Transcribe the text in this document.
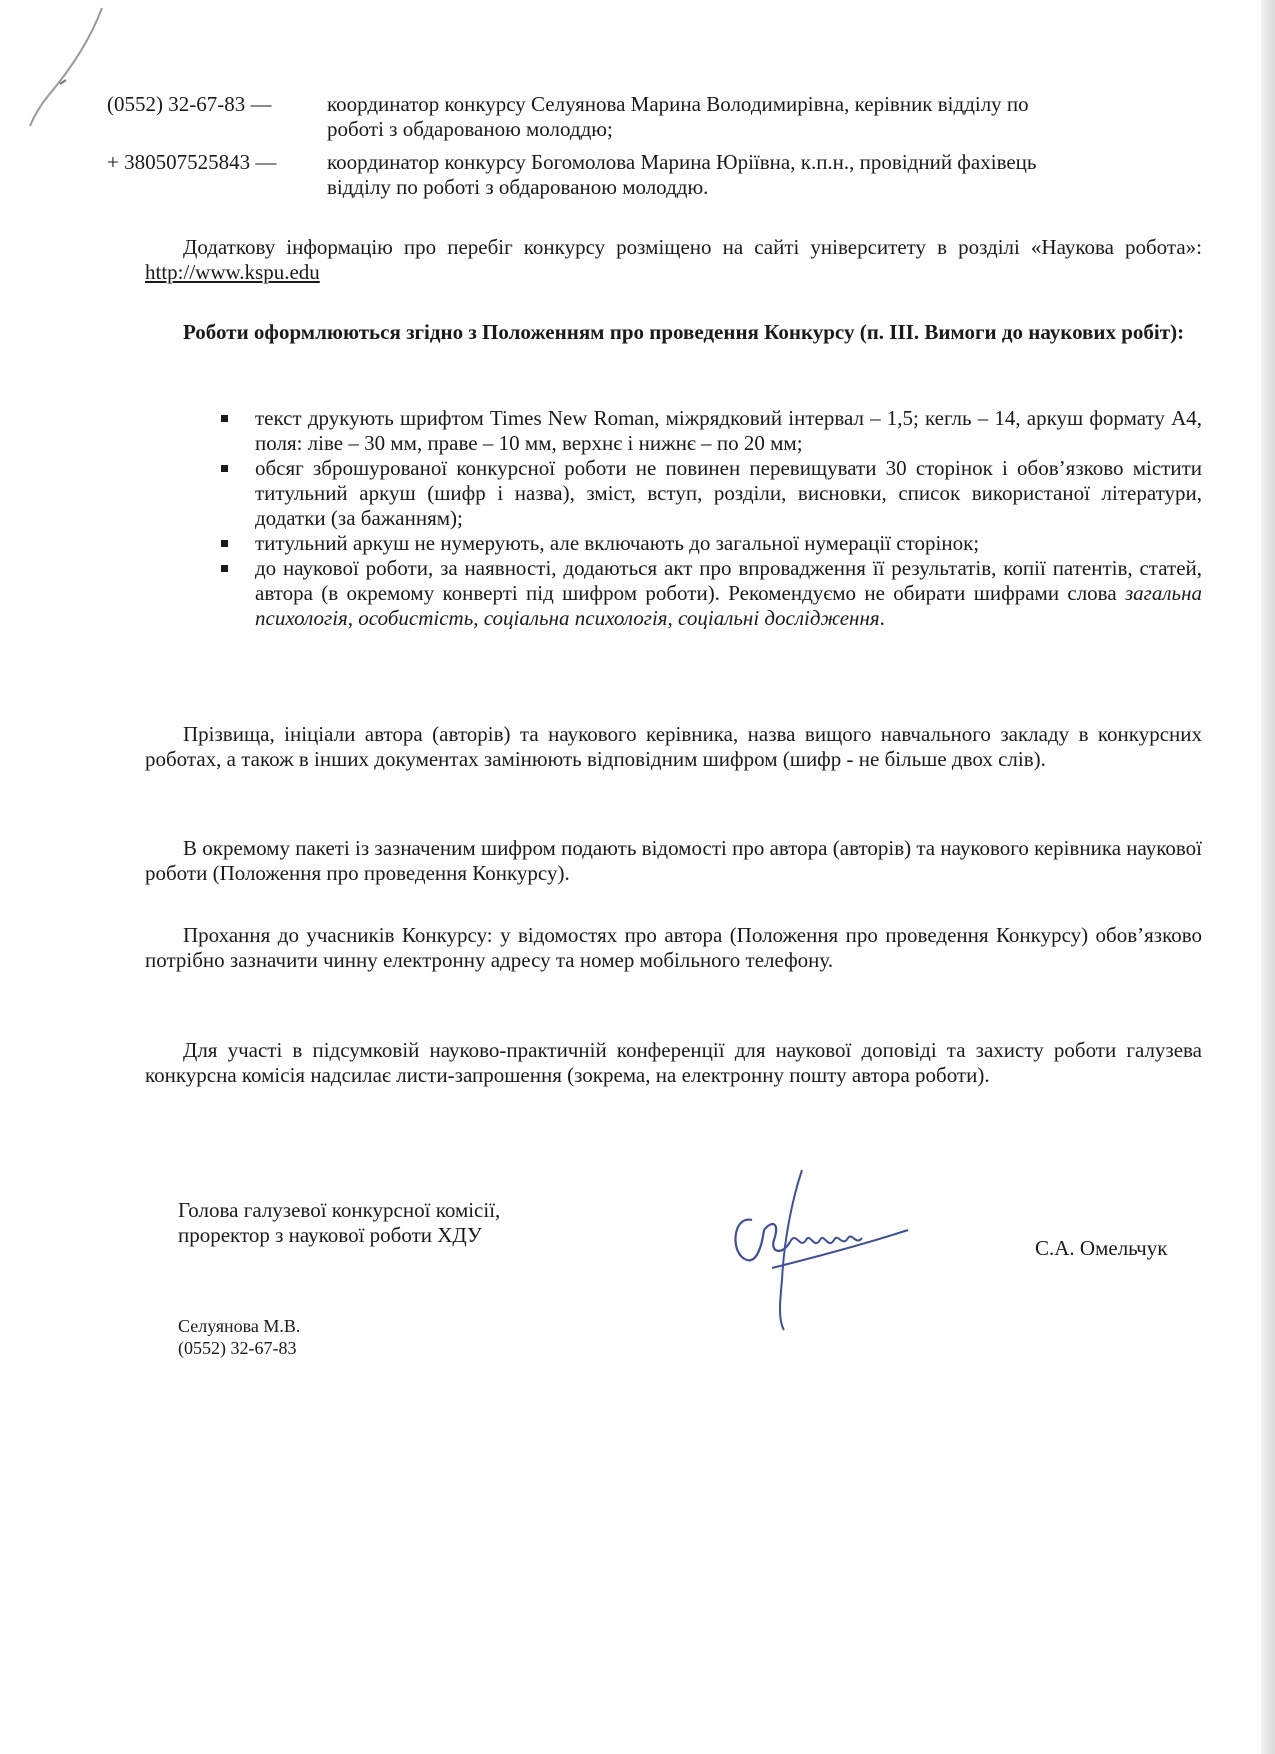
(0552) 32-67-83 —	координатор конкурсу Селуянова Марина Володимирівна, керівник відділу по
роботі з обдарованою молоддю;
+ 380507525843 — координатор конкурсу Богомолова Марина Юріївна, к.п.н., провідний фахівець
відділу по роботі з обдарованою молоддю.
Додаткову інформацію про перебіг конкурсу розміщено на сайті університету в розділі «Наукова робота»: http://www.kspu.edu
Роботи оформлюються згідно з Положенням про проведення Конкурсу (п. III. Вимоги до наукових робіт):
текст друкують шрифтом Times New Roman, міжрядковий інтервал – 1,5; кегль – 14, аркуш формату А4, поля: ліве – 30 мм, праве – 10 мм, верхнє і нижнє – по 20 мм;
обсяг зброшурованої конкурсної роботи не повинен перевищувати 30 сторінок і обов’язково містити титульний аркуш (шифр і назва), зміст, вступ, розділи, висновки, список використаної літератури, додатки (за бажанням);
титульний аркуш не нумерують, але включають до загальної нумерації сторінок;
до наукової роботи, за наявності, додаються акт про впровадження її результатів, копії патентів, статей, автора (в окремому конверті під шифром роботи). Рекомендуємо не обирати шифрами слова загальна психологія, особистість, соціальна психологія, соціальні дослідження.
Прізвища, ініціали автора (авторів) та наукового керівника, назва вищого навчального закладу в конкурсних роботах, а також в інших документах замінюють відповідним шифром (шифр - не більше двох слів).
В окремому пакеті із зазначеним шифром подають відомості про автора (авторів) та наукового керівника наукової роботи (Положення про проведення Конкурсу).
Прохання до учасників Конкурсу: у відомостях про автора (Положення про проведення Конкурсу) обов’язково потрібно зазначити чинну електронну адресу та номер мобільного телефону.
Для участі в підсумковій науково-практичній конференції для наукової доповіді та захисту роботи галузева конкурсна комісія надсилає листи-запрошення (зокрема, на електронну пошту автора роботи).
Голова галузевої конкурсної комісії,
проректор з наукової роботи ХДУ
С.А. Омельчук
Селуянова М.В.
(0552) 32-67-83
